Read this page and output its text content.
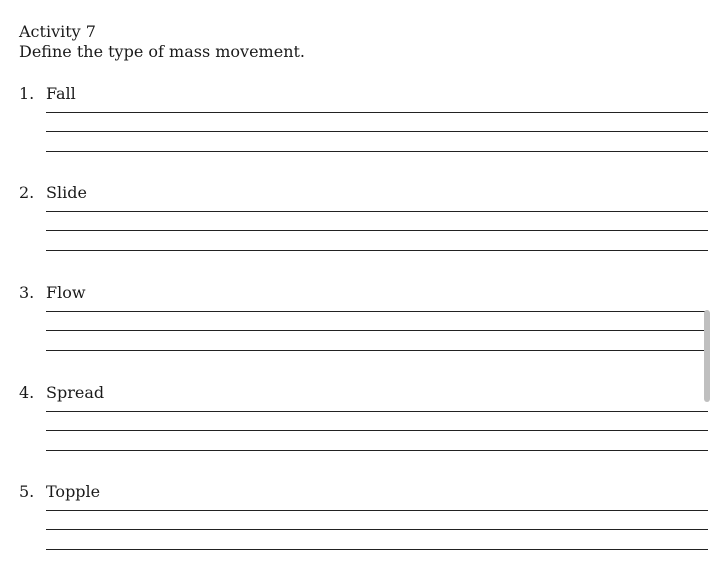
Activity 7
Define the type of mass movement.
1. Fall
2. Slide
3. Flow
4. Spread
5. Topple
